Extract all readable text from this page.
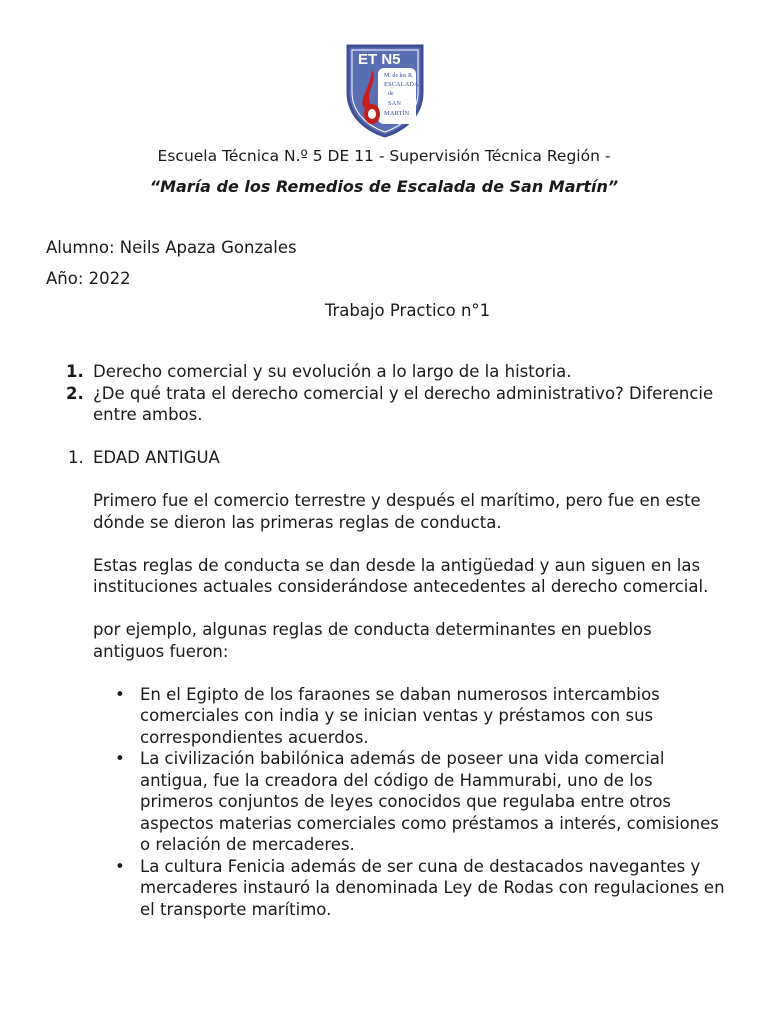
ET N5
M. de los R.
ESCALADA
de
SAN
MARTÍN
Escuela Técnica N.º 5 DE 11 - Supervisión Técnica Región -
“María de los Remedios de Escalada de San Martín”
Alumno: Neils Apaza Gonzales
Año: 2022
Trabajo Practico n°1
1. Derecho comercial y su evolución a lo largo de la historia.
2. ¿De qué trata el derecho comercial y el derecho administrativo? Diferencie entre ambos.
1. EDAD ANTIGUA

Primero fue el comercio terrestre y después el marítimo, pero fue en este dónde se dieron las primeras reglas de conducta.

Estas reglas de conducta se dan desde la antigüedad y aun siguen en las instituciones actuales considerándose antecedentes al derecho comercial.

por ejemplo, algunas reglas de conducta determinantes en pueblos antiguos fueron:

• En el Egipto de los faraones se daban numerosos intercambios comerciales con india y se inician ventas y préstamos con sus correspondientes acuerdos.
• La civilización babilónica además de poseer una vida comercial antigua, fue la creadora del código de Hammurabi, uno de los primeros conjuntos de leyes conocidos que regulaba entre otros aspectos materias comerciales como préstamos a interés, comisiones o relación de mercaderes.
• La cultura Fenicia además de ser cuna de destacados navegantes y mercaderes instauró la denominada Ley de Rodas con regulaciones en el transporte marítimo.
